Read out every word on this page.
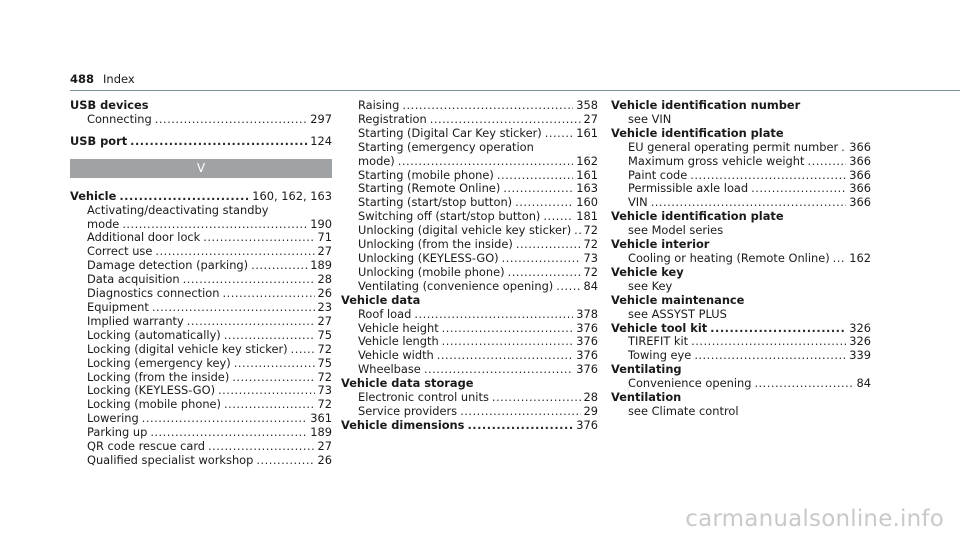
488 Index
USB devices
Connecting .....	297
USB port .....	124
V
Vehicle .....	160, 162, 163
Activating/deactivating standby
mode .....	190
Additional door lock .....	71
Correct use .....	27
Damage detection (parking) .....	189
Data acquisition .....	28
Diagnostics connection .....	26
Equipment .....	23
Implied warranty .....	27
Locking (automatically) .....	75
Locking (digital vehicle key sticker) .....	72
Locking (emergency key) .....	75
Locking (from the inside) .....	72
Locking (KEYLESS-GO) .....	73
Locking (mobile phone) .....	72
Lowering .....	361
Parking up .....	189
QR code rescue card .....	27
Qualified specialist workshop .....	26
Raising .....	358
Registration .....	27
Starting (Digital Car Key sticker) .....	161
Starting (emergency operation
mode) .....	162
Starting (mobile phone) .....	161
Starting (Remote Online) .....	163
Starting (start/stop button) .....	160
Switching off (start/stop button) .....	181
Unlocking (digital vehicle key sticker) ..... 72
Unlocking (from the inside) .....	72
Unlocking (KEYLESS-GO) .....	73
Unlocking (mobile phone) .....	72
Ventilating (convenience opening) .....	84
Vehicle data
Roof load .....	378
Vehicle height .....	376
Vehicle length .....	376
Vehicle width .....	376
Wheelbase .....	376
Vehicle data storage
Electronic control units .....	28
Service providers .....	29
Vehicle dimensions .....	376
Vehicle identification number
see VIN
Vehicle identification plate
EU general operating permit number ..... 366
Maximum gross vehicle weight .....	366
Paint code .....	366
Permissible axle load .....	366
VIN .....	366
Vehicle identification plate
see Model series
Vehicle interior
Cooling or heating (Remote Online) ..... 162
Vehicle key
see Key
Vehicle maintenance
see ASSYST PLUS
Vehicle tool kit .....	326
TIREFIT kit .....	326
Towing eye .....	339
Ventilating
Convenience opening .....	84
Ventilation
see Climate control
carmanualsonline.info
